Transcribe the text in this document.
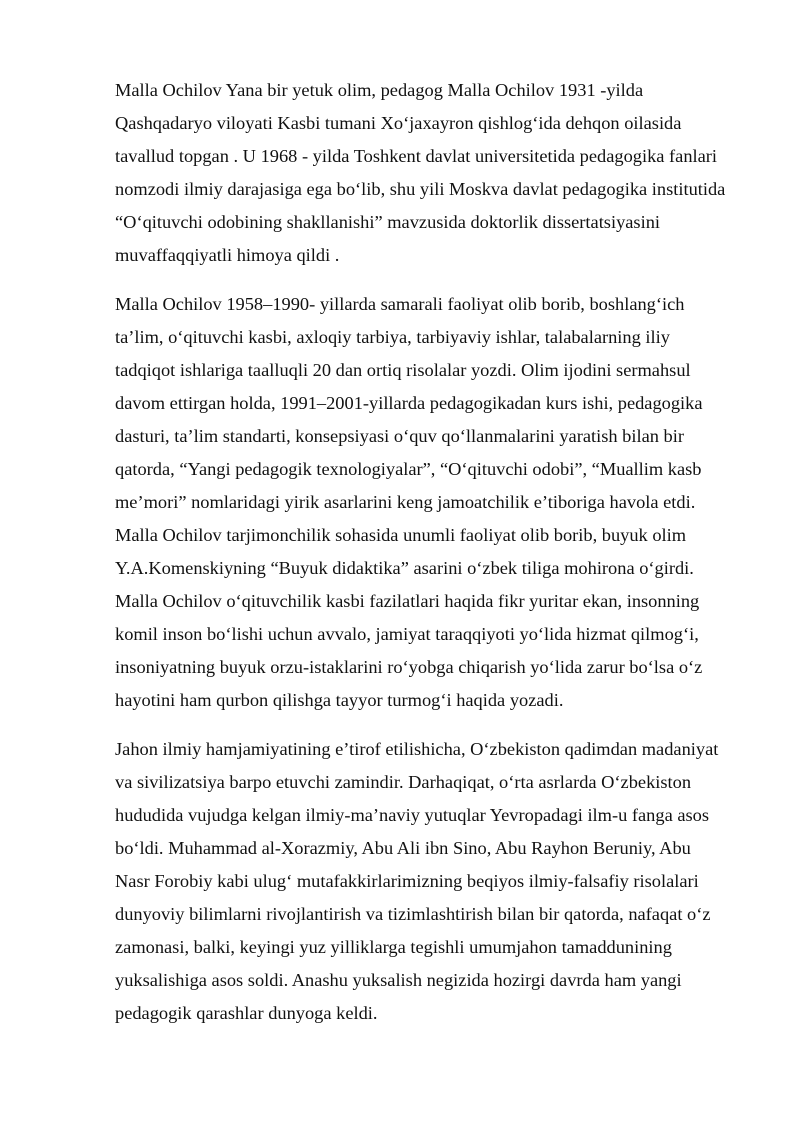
Malla Ochilov Yana bir yetuk olim, pedagog Malla Ochilov 1931 -yilda
Qashqadaryo viloyati Kasbi tumani Xo‘jaxayron qishlog‘ida dehqon oilasida
tavallud topgan . U 1968 - yilda Toshkent davlat universitetida pedagogika fanlari
nomzodi ilmiy darajasiga ega bo‘lib, shu yili Moskva davlat pedagogika institutida
“O‘qituvchi odobining shakllanishi” mavzusida doktorlik dissertatsiyasini
muvaffaqqiyatli himoya qildi .

Malla Ochilov 1958–1990- yillarda samarali faoliyat olib borib, boshlang‘ich
ta’lim, o‘qituvchi kasbi, axloqiy tarbiya, tarbiyaviy ishlar, talabalarning iliy
tadqiqot ishlariga taalluqli 20 dan ortiq risolalar yozdi. Olim ijodini sermahsul
davom ettirgan holda, 1991–2001-yillarda pedagogikadan kurs ishi, pedagogika
dasturi, ta’lim standarti, konsepsiyasi o‘quv qo‘llanmalarini yaratish bilan bir
qatorda, “Yangi pedagogik texnologiyalar”, “O‘qituvchi odobi”, “Muallim kasb
me’mori” nomlaridagi yirik asarlarini keng jamoatchilik e’tiboriga havola etdi.
Malla Ochilov tarjimonchilik sohasida unumli faoliyat olib borib, buyuk olim
Y.A.Komenskiyning “Buyuk didaktika” asarini o‘zbek tiliga mohirona o‘girdi.
Malla Ochilov o‘qituvchilik kasbi fazilatlari haqida fikr yuritar ekan, insonning
komil inson bo‘lishi uchun avvalo, jamiyat taraqqiyoti yo‘lida hizmat qilmog‘i,
insoniyatning buyuk orzu-istaklarini ro‘yobga chiqarish yo‘lida zarur bo‘lsa o‘z
hayotini ham qurbon qilishga tayyor turmog‘i haqida yozadi.

Jahon ilmiy hamjamiyatining e’tirof etilishicha, O‘zbekiston qadimdan madaniyat
va sivilizatsiya barpo etuvchi zamindir. Darhaqiqat, o‘rta asrlarda O‘zbekiston
hududida vujudga kelgan ilmiy-ma’naviy yutuqlar Yevropadagi ilm-u fanga asos
bo‘ldi. Muhammad al-Xorazmiy, Abu Ali ibn Sino, Abu Rayhon Beruniy, Abu
Nasr Forobiy kabi ulug‘ mutafakkirlarimizning beqiyos ilmiy-falsafiy risolalari
dunyoviy bilimlarni rivojlantirish va tizimlashtirish bilan bir qatorda, nafaqat o‘z
zamonasi, balki, keyingi yuz yilliklarga tegishli umumjahon tamaddunining
yuksalishiga asos soldi. Anashu yuksalish negizida hozirgi davrda ham yangi
pedagogik qarashlar dunyoga keldi.
